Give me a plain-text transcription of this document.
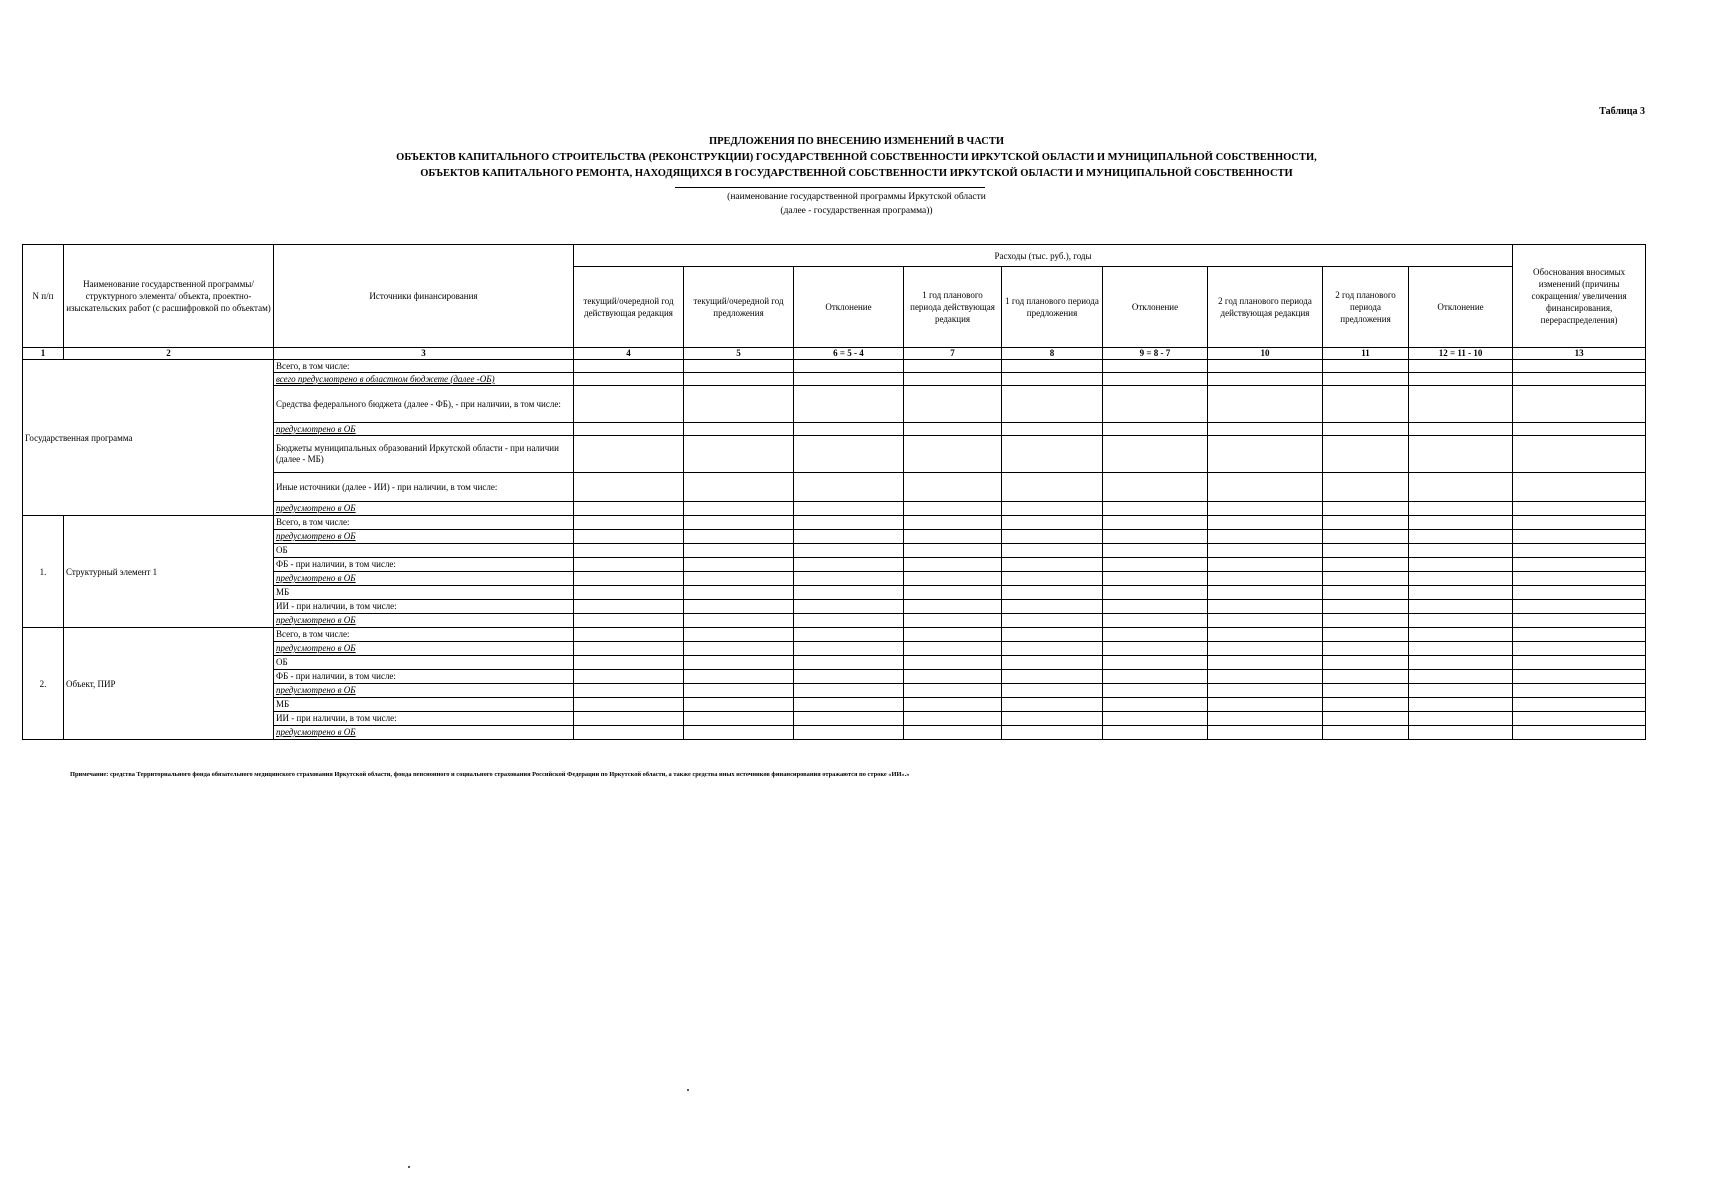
Таблица 3
ПРЕДЛОЖЕНИЯ ПО ВНЕСЕНИЮ ИЗМЕНЕНИЙ В ЧАСТИ
ОБЪЕКТОВ КАПИТАЛЬНОГО СТРОИТЕЛЬСТВА (РЕКОНСТРУКЦИИ) ГОСУДАРСТВЕННОЙ СОБСТВЕННОСТИ ИРКУТСКОЙ ОБЛАСТИ И МУНИЦИПАЛЬНОЙ СОБСТВЕННОСТИ,
ОБЪЕКТОВ КАПИТАЛЬНОГО РЕМОНТА, НАХОДЯЩИХСЯ В ГОСУДАРСТВЕННОЙ СОБСТВЕННОСТИ ИРКУТСКОЙ ОБЛАСТИ И МУНИЦИПАЛЬНОЙ СОБСТВЕННОСТИ
(наименование государственной программы Иркутской области
(далее - государственная программа))
N п/п	Наименование государственной программы/ структурного элемента/ объекта, проектно-изыскательских работ (с расшифровкой по объектам)	Источники финансирования	Расходы (тыс. руб.), годы									Обоснования вносимых изменений (причины сокращения/ увеличения финансирования, перераспределения)
			текущий/очередной год действующая редакция	текущий/очередной год предложения	Отклонение	1 год планового периода действующая редакция	1 год планового периода предложения	Отклонение	2 год планового периода действующая редакция	2 год планового периода предложения	Отклонение	
1	2	3	4	5	6 = 5 - 4	7	8	9 = 8 - 7	10	11	12 = 11 - 10	13
Государственная программа		Всего, в том числе:										
		всего предусмотрено в областном бюджете (далее -ОБ)										
		Средства федерального бюджета (далее - ФБ), - при наличии, в том числе:										
		предусмотрено в ОБ										
		Бюджеты муниципальных образований Иркутской области - при наличии (далее - МБ)										
		Иные источники (далее - ИИ) - при наличии, в том числе:										
		предусмотрено в ОБ										
1.	Структурный элемент 1	Всего, в том числе:										
		предусмотрено в ОБ										
		ОБ										
		ФБ - при наличии, в том числе:										
		предусмотрено в ОБ										
		МБ										
		ИИ - при наличии, в том числе:										
		предусмотрено в ОБ										
2.	Объект, ПИР	Всего, в том числе:										
		предусмотрено в ОБ										
		ОБ										
		ФБ - при наличии, в том числе:										
		предусмотрено в ОБ										
		МБ										
		ИИ - при наличии, в том числе:										
		предусмотрено в ОБ										
Примечание: средства Территориального фонда обязательного медицинского страхования Иркутской области, фонда пенсионного и социального страхования Российской Федерации по Иркутской области, а также средства иных источников финансирования отражаются по строке «ИИ».»
